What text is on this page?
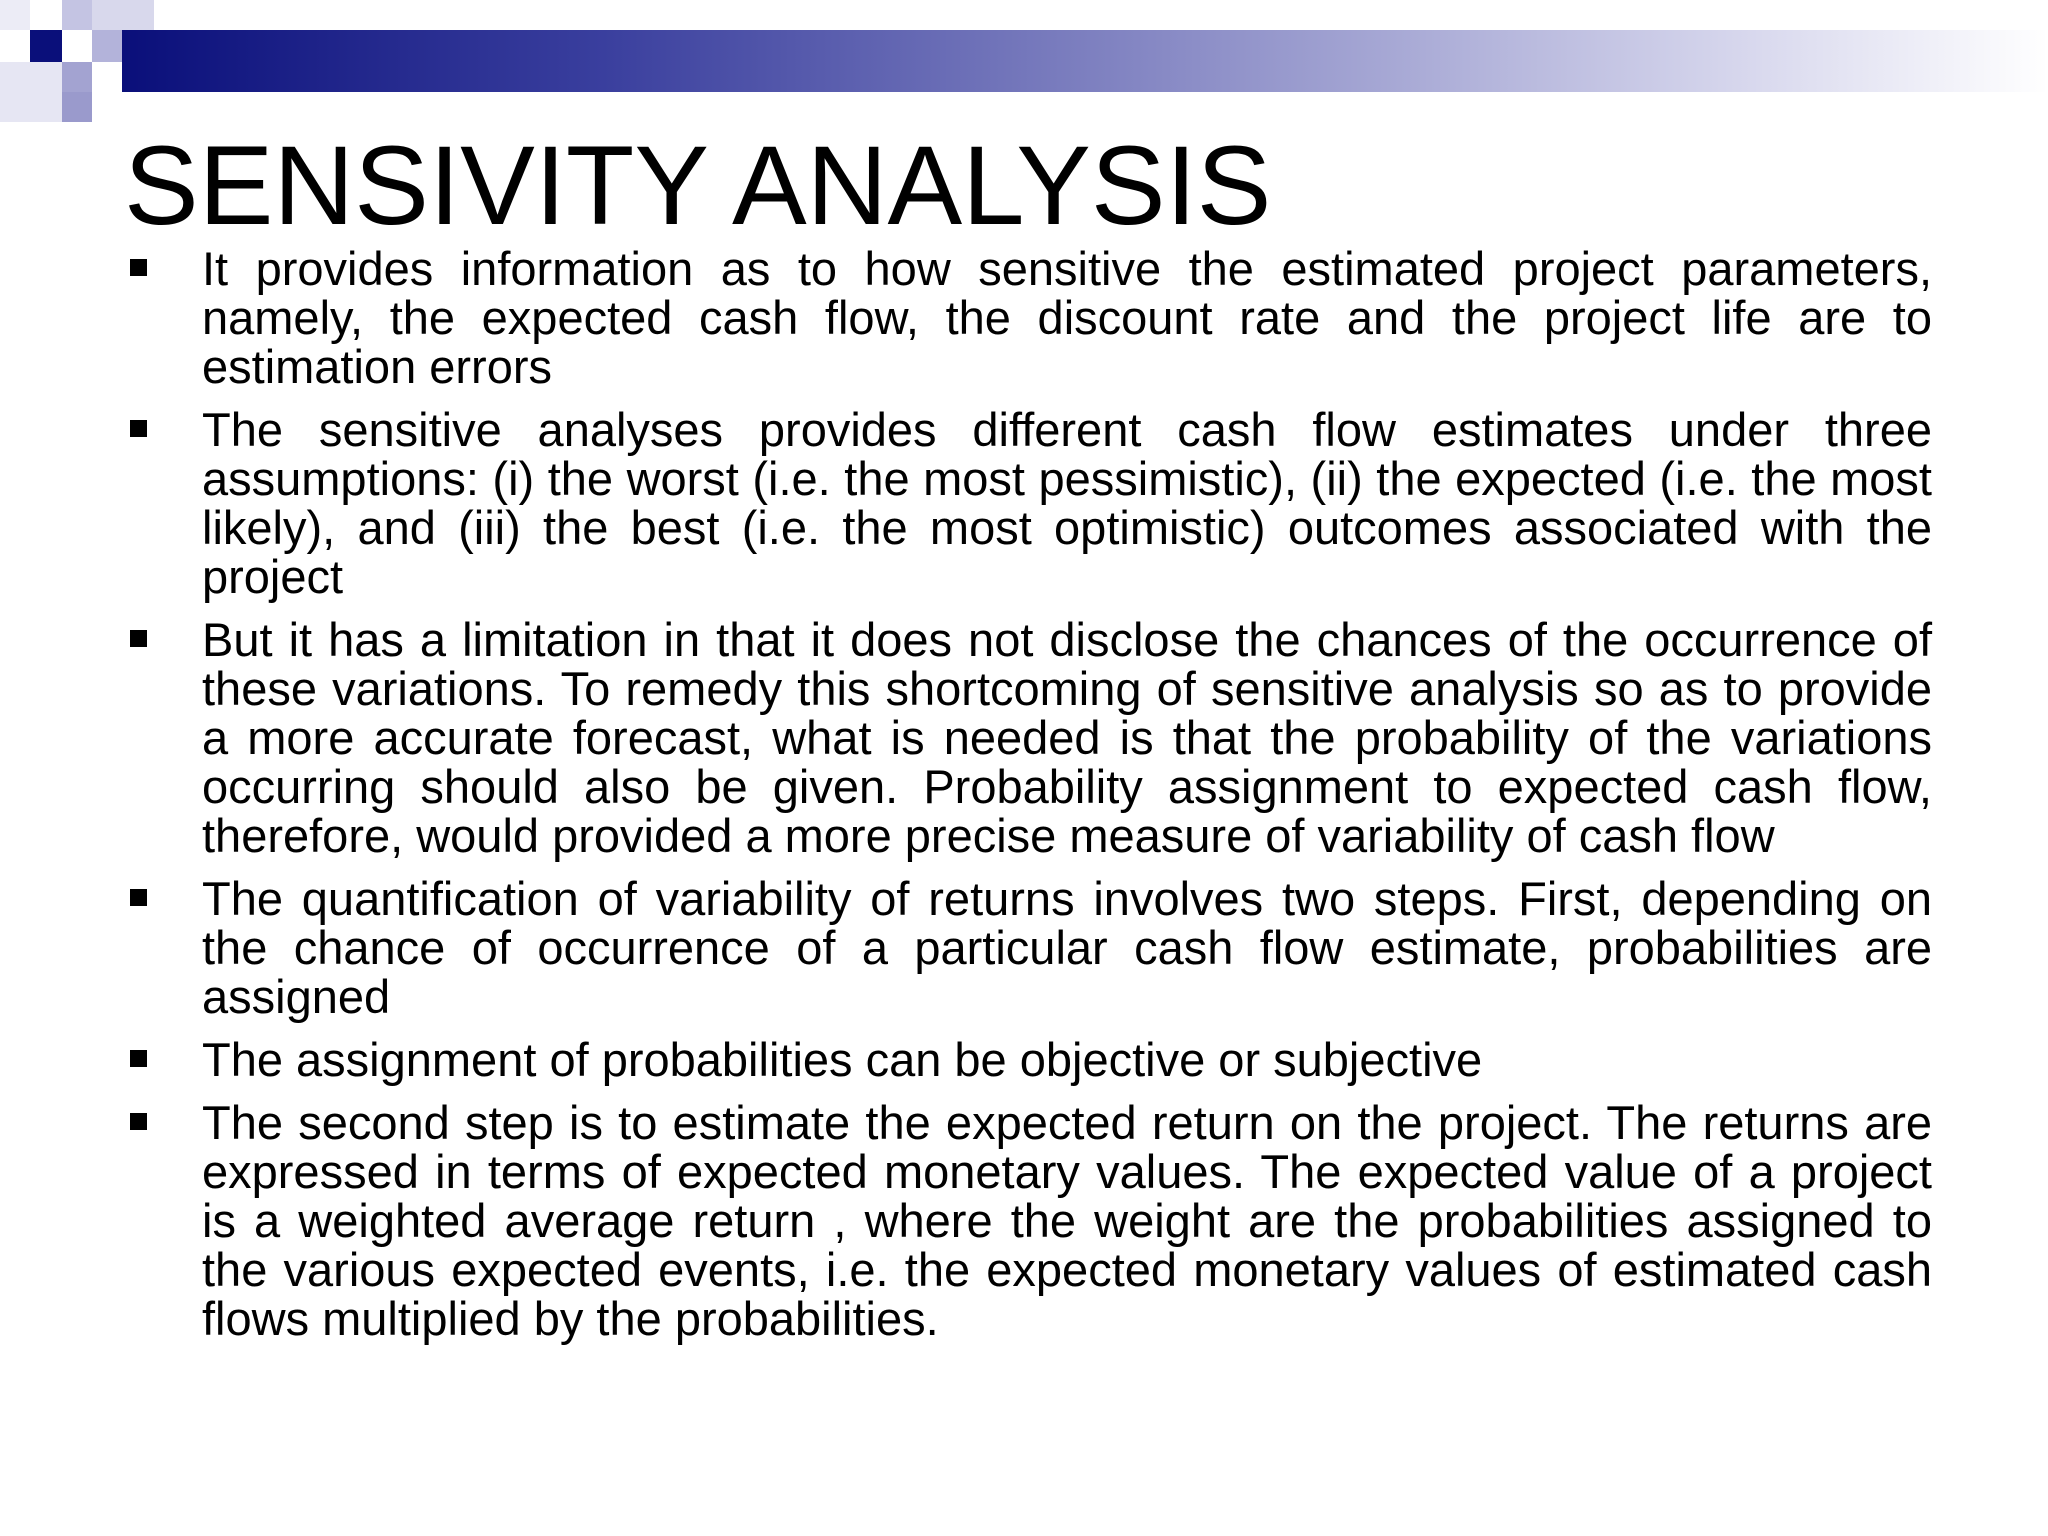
SENSIVITY ANALYSIS
It provides information as to how sensitive the estimated project parameters, namely, the expected cash flow, the discount rate and the project life are to estimation errors
The sensitive analyses provides different cash flow estimates under three assumptions: (i) the worst (i.e. the most pessimistic), (ii) the expected (i.e. the most likely), and (iii) the best (i.e. the most optimistic) outcomes associated with the project
But it has a limitation in that it does not disclose the chances of the occurrence of these variations. To remedy this shortcoming of sensitive analysis so as to provide a more accurate forecast, what is needed is that the probability of the variations occurring should also be given. Probability assignment to expected cash flow, therefore, would provided a more precise measure of variability of cash flow
The quantification of variability of returns involves two steps. First, depending on the chance of occurrence of a particular cash flow estimate, probabilities are assigned
The assignment of probabilities can be objective or subjective
The second step is to estimate the expected return on the project. The returns are expressed in terms of expected monetary values. The expected value of a project is a weighted average return , where the weight are the probabilities assigned to the various expected events, i.e. the expected monetary values of estimated cash flows multiplied by the probabilities.
